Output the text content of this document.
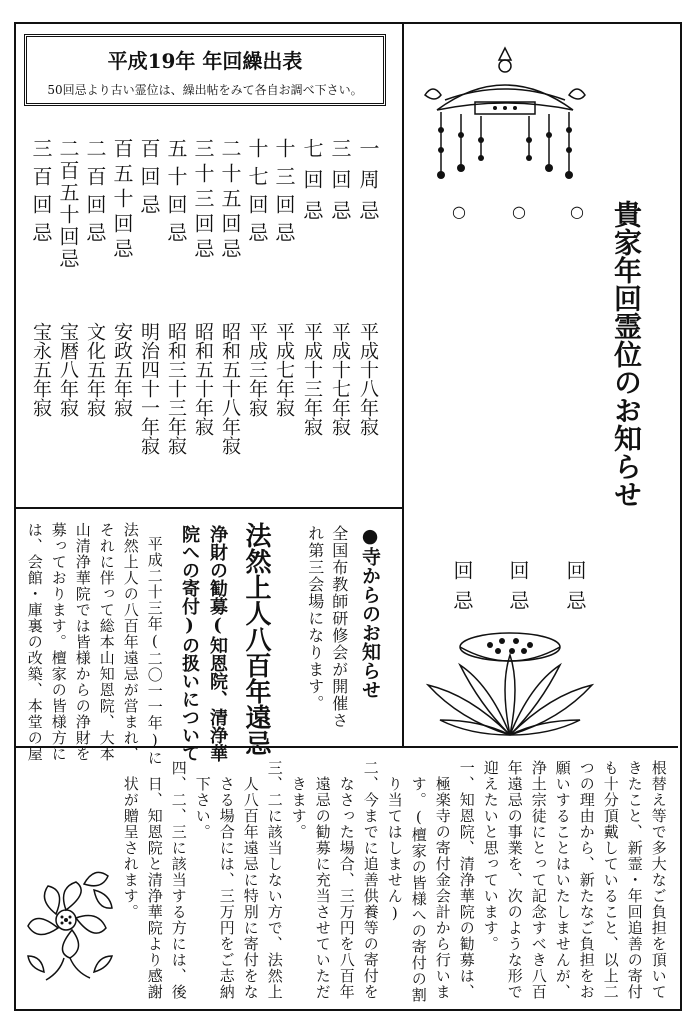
平成19年 年回繰出表
50回忌より古い霊位は、繰出帖をみて各自お調べ下さい。
一周忌
三回忌
七回忌
十三回忌
十七回忌
二十五回忌
三十三回忌
五十回忌
百回忌
百五十回忌
二百回忌
二百五十回忌
三百回忌
平成十八年寂
平成十七年寂
平成十三年寂
平成七年寂
平成三年寂
昭和五十八年寂
昭和五十年寂
昭和三十三年寂
明治四十一年寂
安政五年寂
文化五年寂
宝暦八年寂
宝永五年寂
○	○	○ 貴家年回霊位のお知らせ
回忌
回忌
回忌
●寺からのお知らせ
全国布教師研修会が開催さ
れ第三会場になります。
法然上人八百年遠忌
浄財の勧募(知恩院、清浄華
院への寄付)の扱いについて
平成二十三年(二〇一一年)に
法然上人の八百年遠忌が営まれ、
それに伴って総本山知恩院、大本
山清浄華院では皆様からの浄財を
募っております。檀家の皆様方に
は、会館・庫裏の改築、本堂の屋
根替え等で多大なご負担を頂いて
きたこと、新霊・年回追善の寄付
も十分頂戴していること、以上二
つの理由から、新たなご負担をお
願いすることはいたしませんが、
浄土宗徒にとって記念すべき八百
年遠忌の事業を、次のような形で
迎えたいと思っています。
一、知恩院、清浄華院の勧募は、
極楽寺の寄付金会計から行いま
す。(檀家の皆様への寄付の割
り当てはしません)
二、今までに追善供養等の寄付を
なさった場合、三万円を八百年
遠忌の勧募に充当させていただ
きます。
三、二に該当しない方で、法然上
人八百年遠忌に特別に寄付をな
さる場合には、三万円をご志納
下さい。
四、二、三に該当する方には、後
日、知恩院と清浄華院より感謝
状が贈呈されます。
